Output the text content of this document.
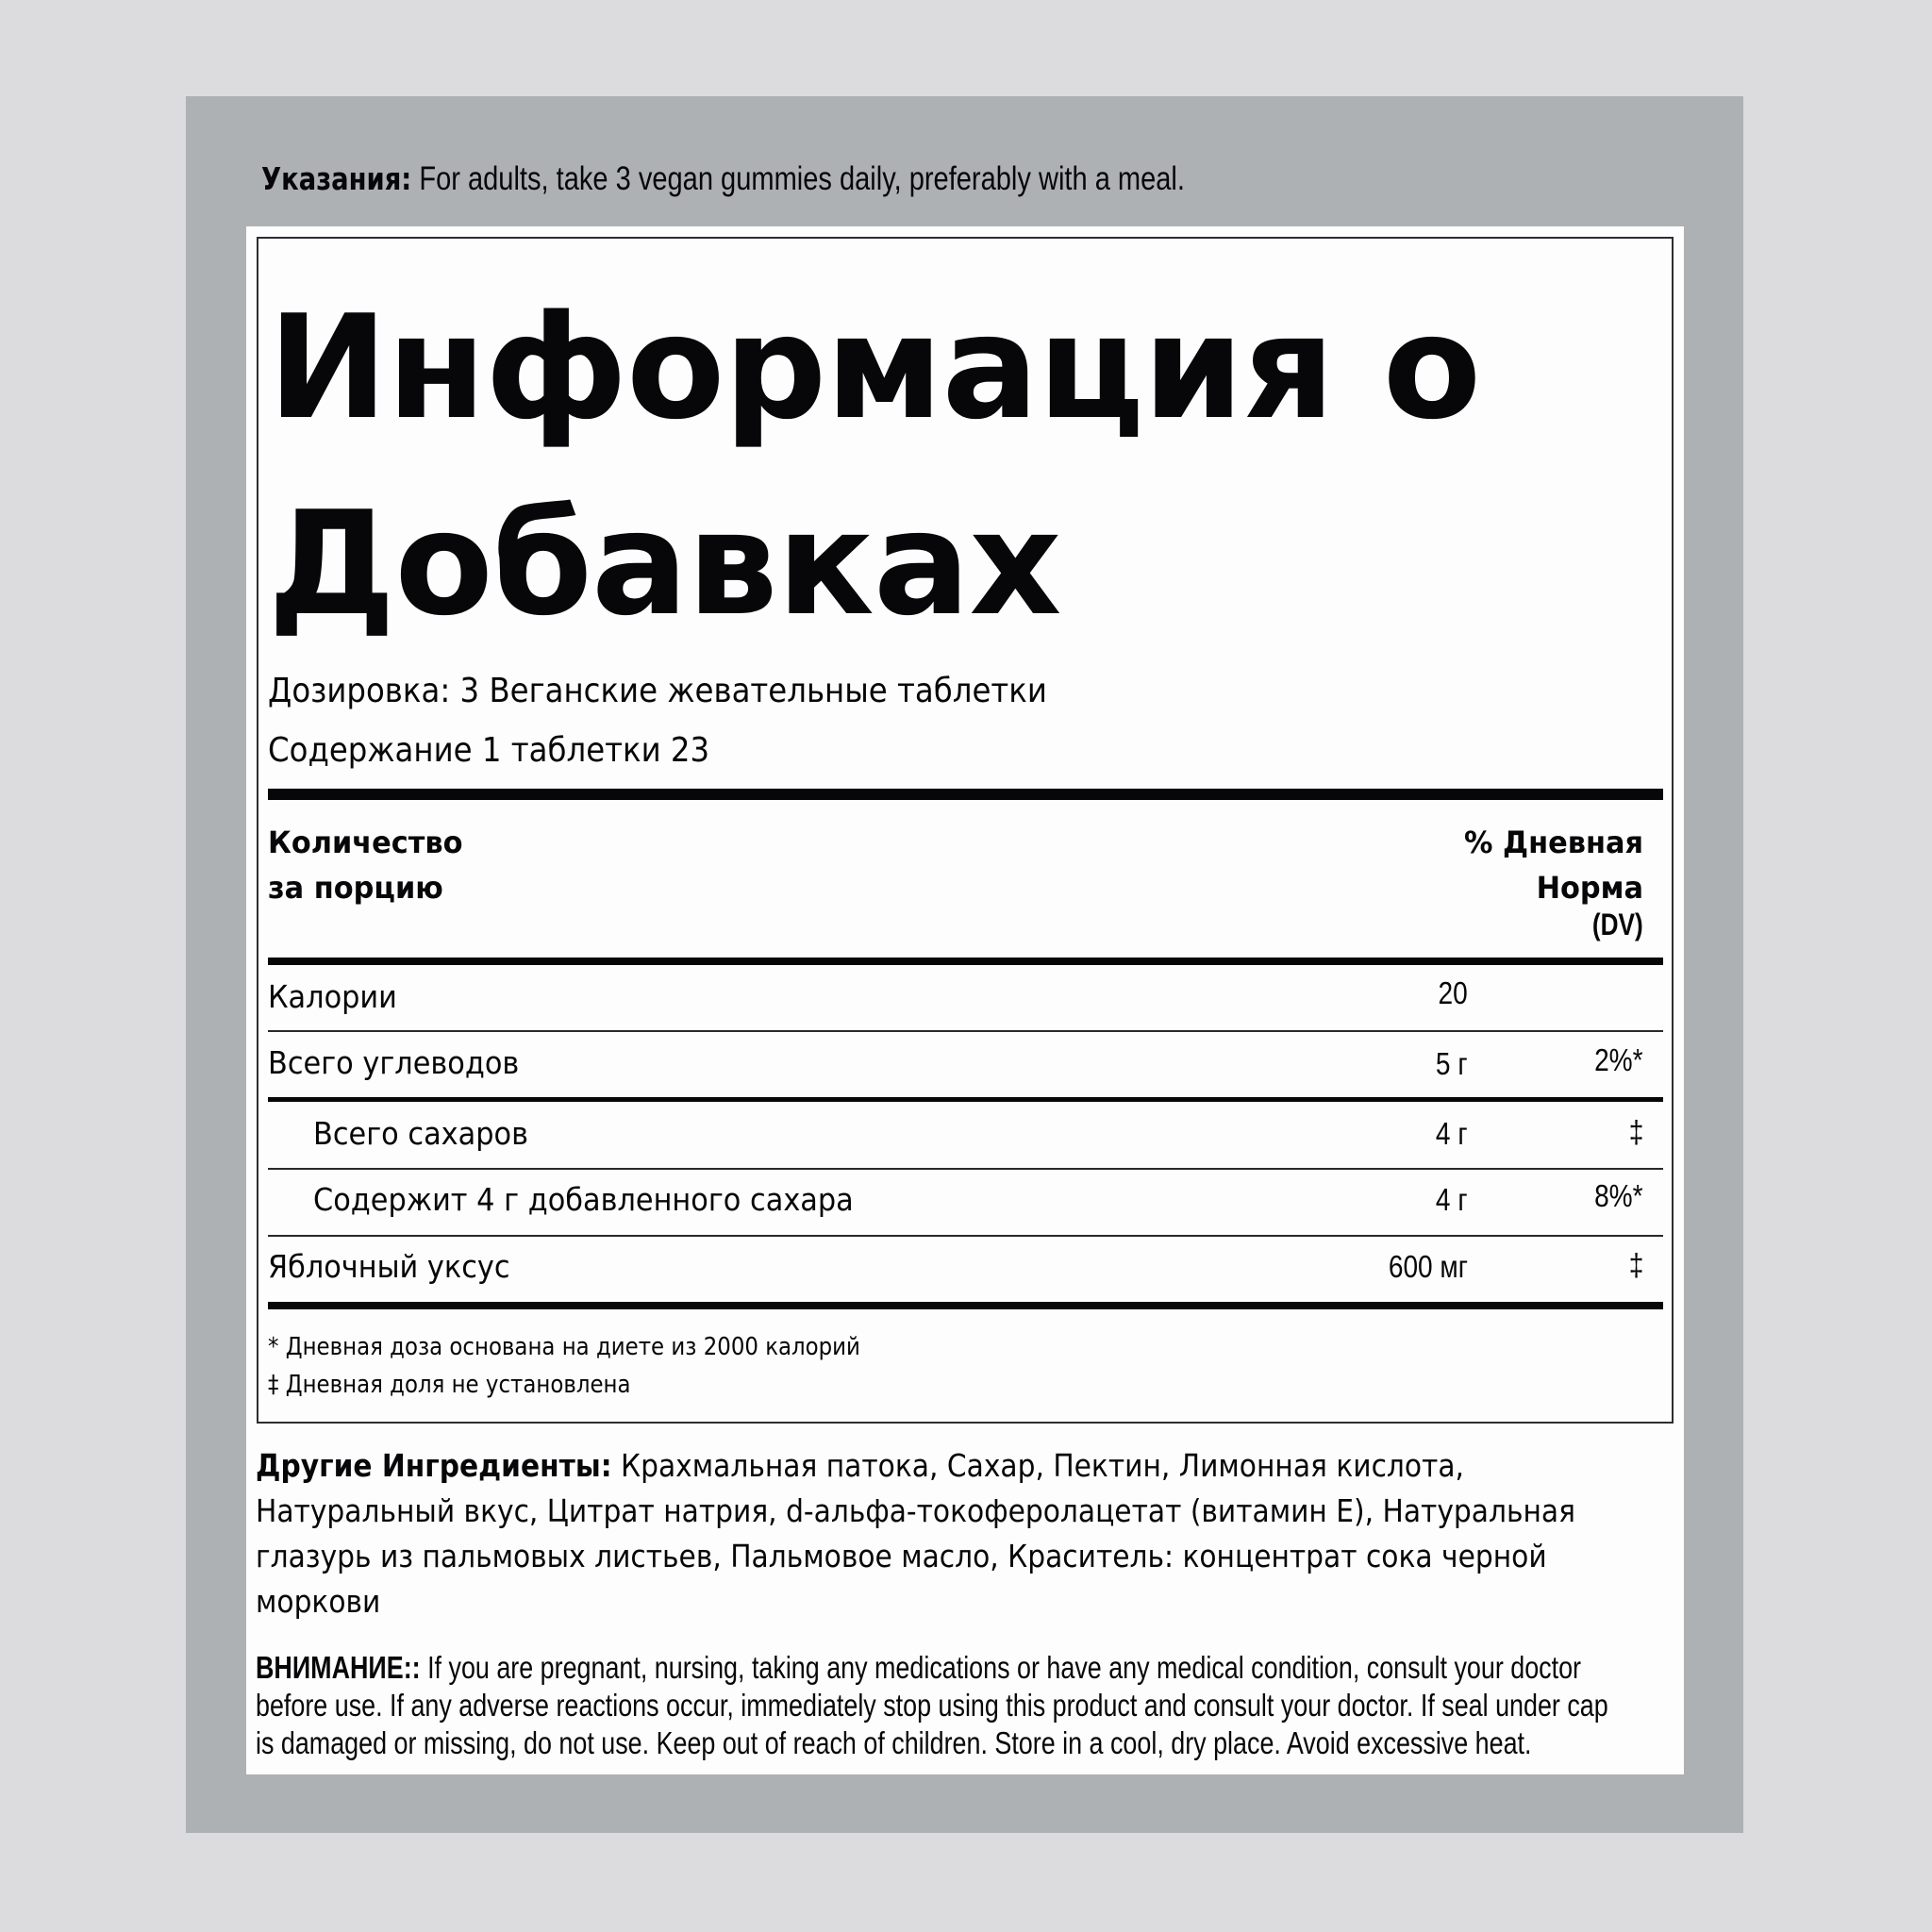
Указания: For adults, take 3 vegan gummies daily, preferably with a meal.
Информация о
Добавках
Дозировка: 3 Веганские жевательные таблетки
Содержание 1 таблетки 23
Количество
за порцию
% Дневная
Норма
(DV)
Калории	20
Всего углеводов	5 г	2%*
Всего сахаров	4 г	‡
Содержит 4 г добавленного сахара	4 г	8%*
Яблочный уксус	600 мг	‡
* Дневная доза основана на диете из 2000 калорий
‡ Дневная доля не установлена
Другие Ингредиенты: Крахмальная патока, Сахар, Пектин, Лимонная кислота,
Натуральный вкус, Цитрат натрия, d-альфа-токоферолацетат (витамин Е), Натуральная
глазурь из пальмовых листьев, Пальмовое масло, Краситель: концентрат сока черной
моркови
ВНИМАНИЕ:: If you are pregnant, nursing, taking any medications or have any medical condition, consult your doctor
before use. If any adverse reactions occur, immediately stop using this product and consult your doctor. If seal under cap
is damaged or missing, do not use. Keep out of reach of children. Store in a cool, dry place. Avoid excessive heat.
